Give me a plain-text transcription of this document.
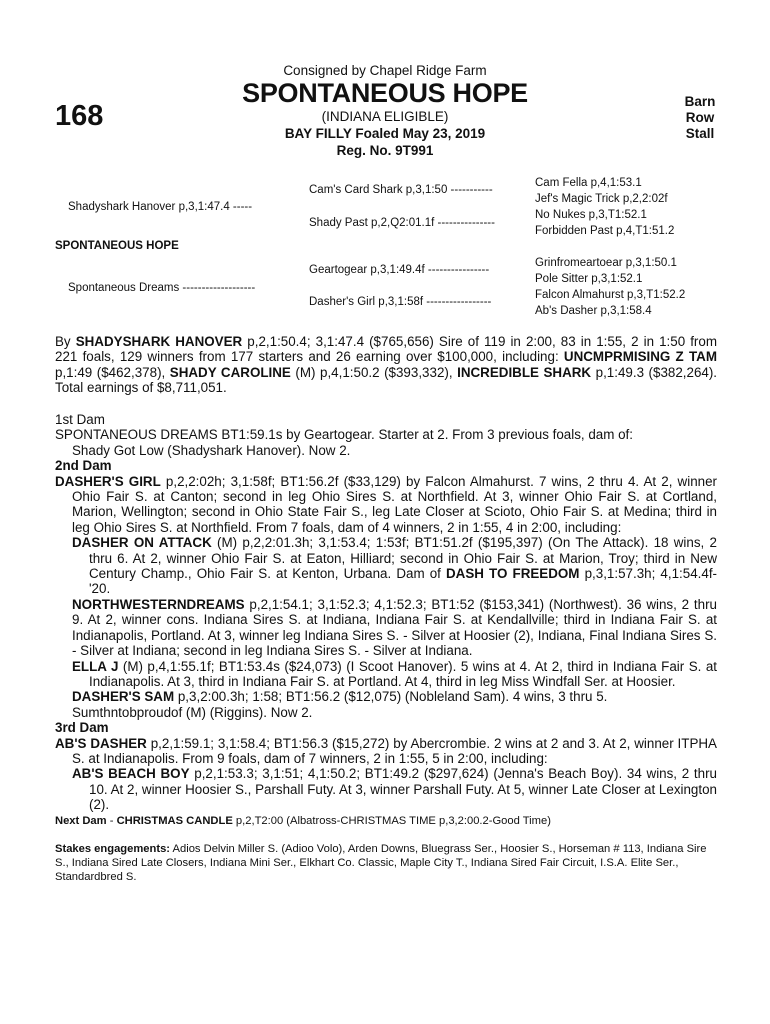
168
Consigned by Chapel Ridge Farm
SPONTANEOUS HOPE
(INDIANA ELIGIBLE)
BAY FILLY Foaled May 23, 2019
Reg. No. 9T991
Barn
Row
Stall
Shadyshark Hanover p,3,1:47.4 -----
SPONTANEOUS HOPE
Spontaneous Dreams -------------------
Cam's Card Shark p,3,1:50 -----------
Shady Past p,2,Q2:01.1f ---------------
Geartogear p,3,1:49.4f ----------------
Dasher's Girl p,3,1:58f -----------------
Cam Fella p,4,1:53.1
Jef's Magic Trick p,2,2:02f
No Nukes p,3,T1:52.1
Forbidden Past p,4,T1:51.2
Grinfromeartoear p,3,1:50.1
Pole Sitter p,3,1:52.1
Falcon Almahurst p,3,T1:52.2
Ab's Dasher p,3,1:58.4

By SHADYSHARK HANOVER p,2,1:50.4; 3,1:47.4 ($765,656) Sire of 119 in 2:00, 83 in 1:55, 2 in 1:50 from 221 foals, 129 winners from 177 starters and 26 earning over $100,000, including: UNCMPRMISING Z TAM p,1:49 ($462,378), SHADY CAROLINE (M) p,4,1:50.2 ($393,332), INCREDIBLE SHARK p,1:49.3 ($382,264). Total earnings of $8,711,051.

1st Dam

SPONTANEOUS DREAMS BT1:59.1s by Geartogear. Starter at 2. From 3 previous foals, dam of:

Shady Got Low (Shadyshark Hanover). Now 2.

2nd Dam

DASHER'S GIRL p,2,2:02h; 3,1:58f; BT1:56.2f ($33,129) by Falcon Almahurst. 7 wins, 2 thru 4. At 2, winner Ohio Fair S. at Canton; second in leg Ohio Sires S. at Northfield. At 3, winner Ohio Fair S. at Cortland, Marion, Wellington; second in Ohio State Fair S., leg Late Closer at Scioto, Ohio Fair S. at Medina; third in leg Ohio Sires S. at Northfield. From 7 foals, dam of 4 winners, 2 in 1:55, 4 in 2:00, including:

DASHER ON ATTACK (M) p,2,2:01.3h; 3,1:53.4; 1:53f; BT1:51.2f ($195,397) (On The Attack). 18 wins, 2 thru 6. At 2, winner Ohio Fair S. at Eaton, Hilliard; second in Ohio Fair S. at Marion, Troy; third in New Century Champ., Ohio Fair S. at Kenton, Urbana. Dam of DASH TO FREEDOM p,3,1:57.3h; 4,1:54.4f-'20.

NORTHWESTERNDREAMS p,2,1:54.1; 3,1:52.3; 4,1:52.3; BT1:52 ($153,341) (Northwest). 36 wins, 2 thru 9. At 2, winner cons. Indiana Sires S. at Indiana, Indiana Fair S. at Kendallville; third in Indiana Fair S. at Indianapolis, Portland. At 3, winner leg Indiana Sires S. - Silver at Hoosier (2), Indiana, Final Indiana Sires S. - Silver at Indiana; second in leg Indiana Sires S. - Silver at Indiana.

ELLA J (M) p,4,1:55.1f; BT1:53.4s ($24,073) (I Scoot Hanover). 5 wins at 4. At 2, third in Indiana Fair S. at Indianapolis. At 3, third in Indiana Fair S. at Portland. At 4, third in leg Miss Windfall Ser. at Hoosier.

DASHER'S SAM p,3,2:00.3h; 1:58; BT1:56.2 ($12,075) (Nobleland Sam). 4 wins, 3 thru 5.

Sumthntobproudof (M) (Riggins). Now 2.

3rd Dam

AB'S DASHER p,2,1:59.1; 3,1:58.4; BT1:56.3 ($15,272) by Abercrombie. 2 wins at 2 and 3. At 2, winner ITPHA S. at Indianapolis. From 9 foals, dam of 7 winners, 2 in 1:55, 5 in 2:00, including:

AB'S BEACH BOY p,2,1:53.3; 3,1:51; 4,1:50.2; BT1:49.2 ($297,624) (Jenna's Beach Boy). 34 wins, 2 thru 10. At 2, winner Hoosier S., Parshall Futy. At 3, winner Parshall Futy. At 5, winner Late Closer at Lexington (2).

Next Dam - CHRISTMAS CANDLE p,2,T2:00 (Albatross-CHRISTMAS TIME p,3,2:00.2-Good Time)

Stakes engagements: Adios Delvin Miller S. (Adioo Volo), Arden Downs, Bluegrass Ser., Hoosier S., Horseman # 113, Indiana Sire S., Indiana Sired Late Closers, Indiana Mini Ser., Elkhart Co. Classic, Maple City T., Indiana Sired Fair Circuit, I.S.A. Elite Ser., Standardbred S.
